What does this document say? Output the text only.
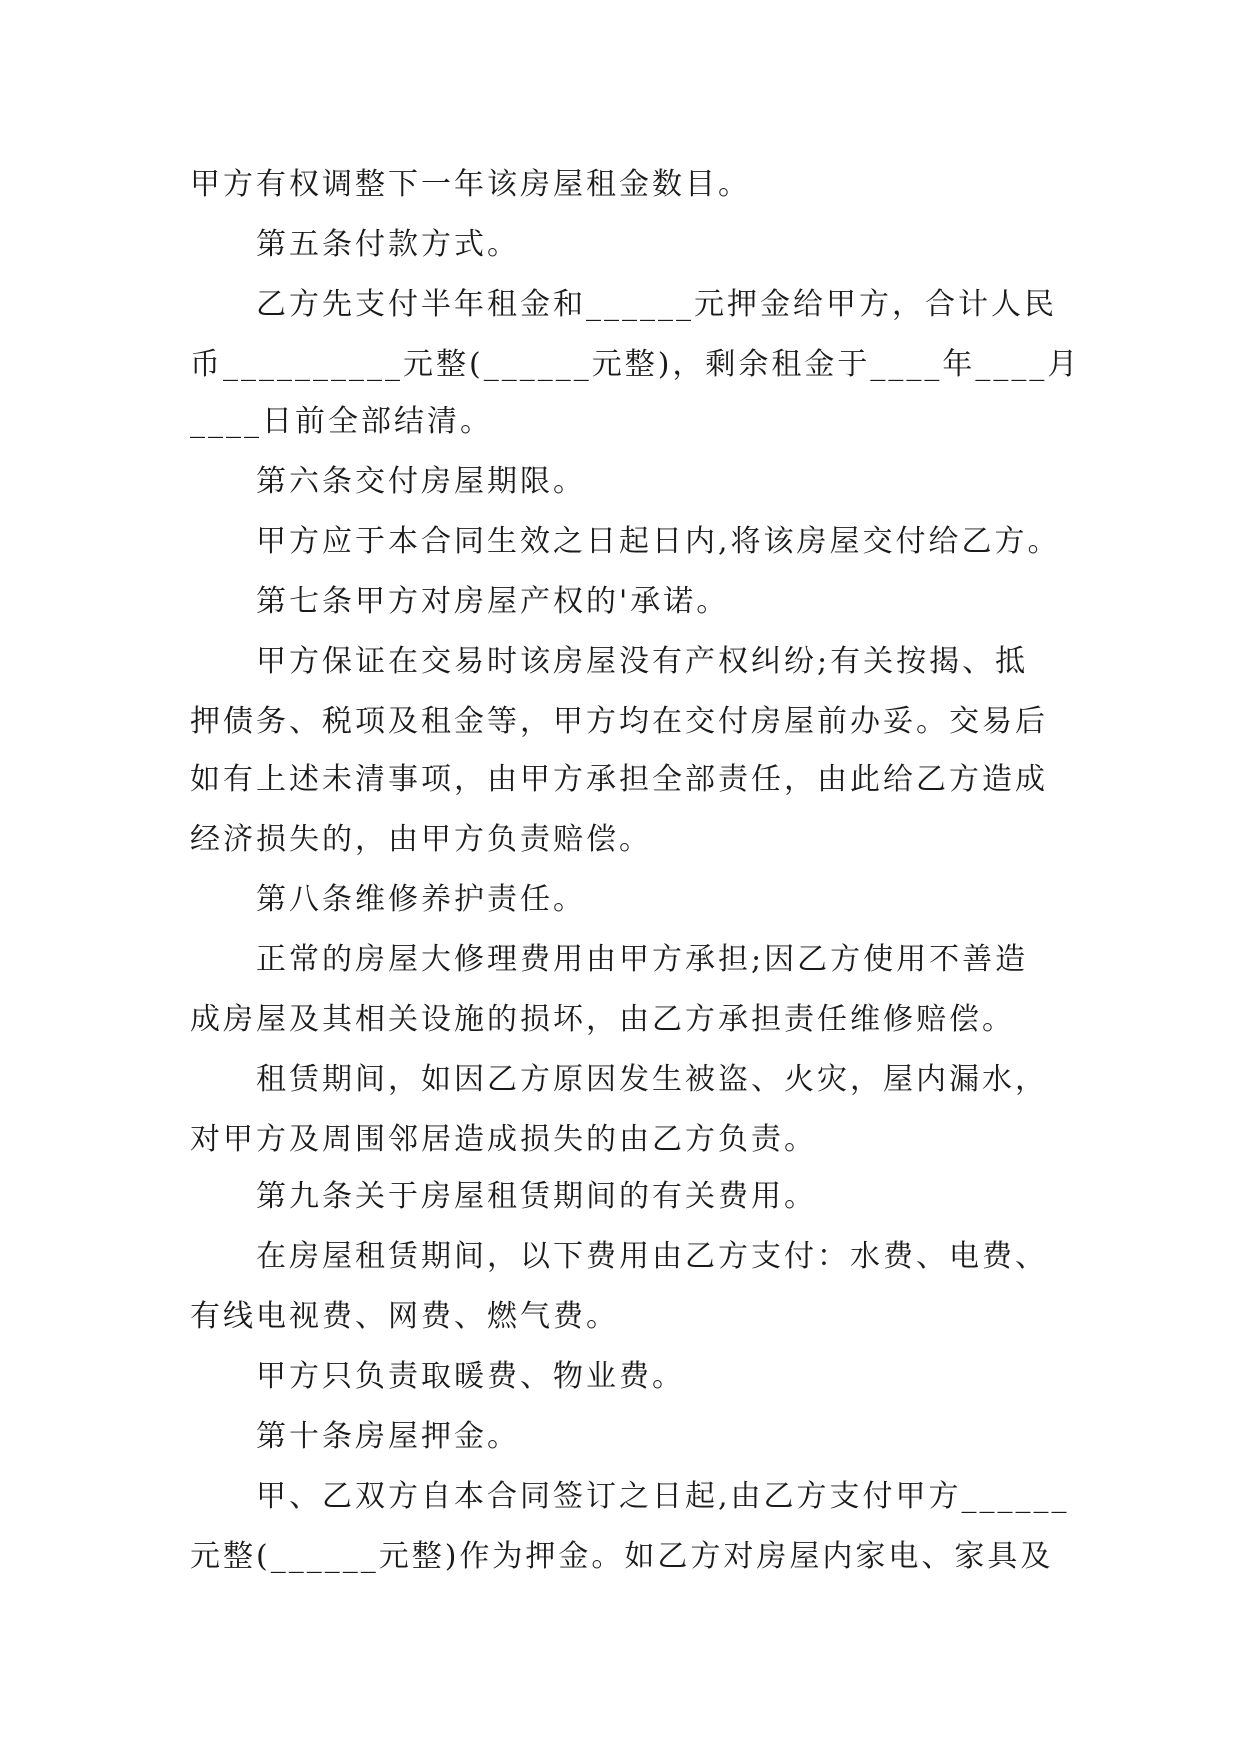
甲方有权调整下一年该房屋租金数目。
第五条付款方式。
乙方先支付半年租金和______元押金给甲方，合计人民
币__________元整(______元整)，剩余租金于____年____月
____日前全部结清。
第六条交付房屋期限。
甲方应于本合同生效之日起日内,将该房屋交付给乙方。
第七条甲方对房屋产权的'承诺。
甲方保证在交易时该房屋没有产权纠纷;有关按揭、抵
押债务、税项及租金等，甲方均在交付房屋前办妥。交易后
如有上述未清事项，由甲方承担全部责任，由此给乙方造成
经济损失的，由甲方负责赔偿。
第八条维修养护责任。
正常的房屋大修理费用由甲方承担;因乙方使用不善造
成房屋及其相关设施的损坏，由乙方承担责任维修赔偿。
租赁期间，如因乙方原因发生被盗、火灾，屋内漏水，
对甲方及周围邻居造成损失的由乙方负责。
第九条关于房屋租赁期间的有关费用。
在房屋租赁期间，以下费用由乙方支付：水费、电费、
有线电视费、网费、燃气费。
甲方只负责取暖费、物业费。
第十条房屋押金。
甲、乙双方自本合同签订之日起,由乙方支付甲方______
元整(______元整)作为押金。如乙方对房屋内家电、家具及
